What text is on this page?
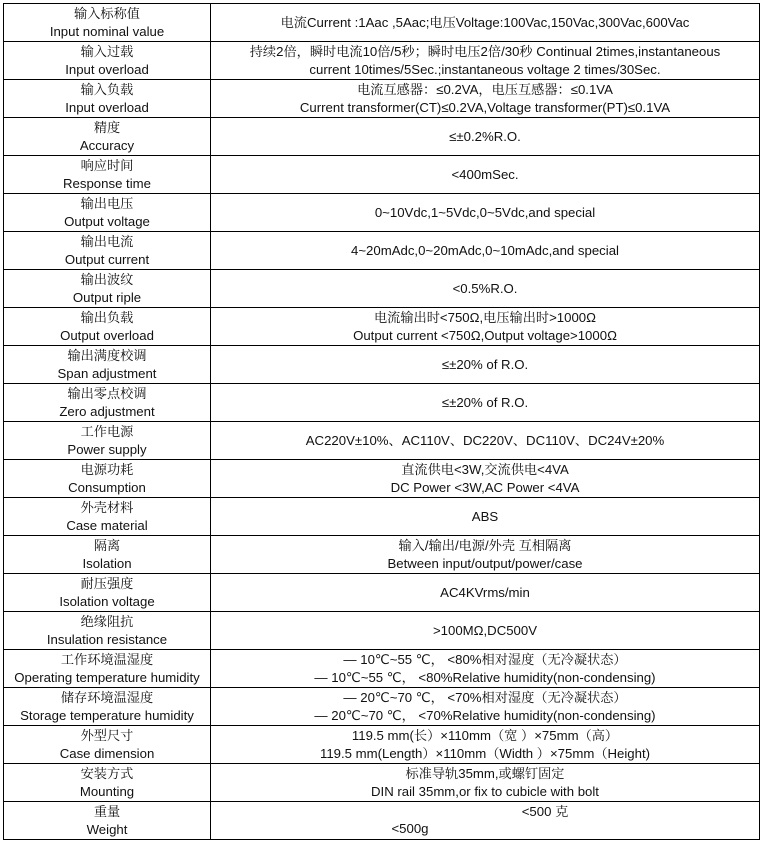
输入标称值
Input nominal value	电流Current :1Aac ,5Aac;电压Voltage:100Vac,150Vac,300Vac,600Vac

输入过载
Input overload	持续2倍，瞬时电流10倍/5秒；瞬时电压2倍/30秒 Continual 2times,instantaneous
current 10times/5Sec.;instantaneous voltage 2 times/30Sec.

输入负载
Input overload	电流互感器：≤0.2VA，电压互感器：≤0.1VA
Current transformer(CT)≤0.2VA,Voltage transformer(PT)≤0.1VA

精度
Accuracy	≤±0.2%R.O.

响应时间
Response time	<400mSec.

输出电压
Output voltage	0~10Vdc,1~5Vdc,0~5Vdc,and special

输出电流
Output current	4~20mAdc,0~20mAdc,0~10mAdc,and special

输出波纹
Output riple	<0.5%R.O.

输出负载
Output overload	电流输出时<750Ω,电压输出时>1000Ω
Output current <750Ω,Output voltage>1000Ω

输出满度校调
Span adjustment	≤±20% of R.O.

输出零点校调
Zero adjustment	≤±20% of R.O.

工作电源
Power supply	AC220V±10%、AC110V、DC220V、DC110V、DC24V±20%

电源功耗
Consumption	直流供电<3W,交流供电<4VA
DC Power <3W,AC Power <4VA

外壳材料
Case material	ABS

隔离
Isolation	输入/输出/电源/外壳 互相隔离
Between input/output/power/case

耐压强度
Isolation voltage	AC4KVrms/min

绝缘阻抗
Insulation resistance	>100MΩ,DC500V

工作环境温湿度
Operating temperature humidity	— 10℃~55 ℃， <80%相对湿度（无冷凝状态）
— 10℃~55 ℃， <80%Relative humidity(non-condensing)

储存环境温湿度
Storage temperature humidity	— 20℃~70 ℃， <70%相对湿度（无冷凝状态）
— 20℃~70 ℃， <70%Relative humidity(non-condensing)

外型尺寸
Case dimension	119.5 mm(长）×110mm（宽 ）×75mm（高）
119.5 mm(Length）×110mm（Width ）×75mm（Height)

安装方式
Mounting	标准导轨35mm,或螺钉固定
DIN rail 35mm,or fix to cubicle with bolt

重量
Weight	<500 克
<500g
